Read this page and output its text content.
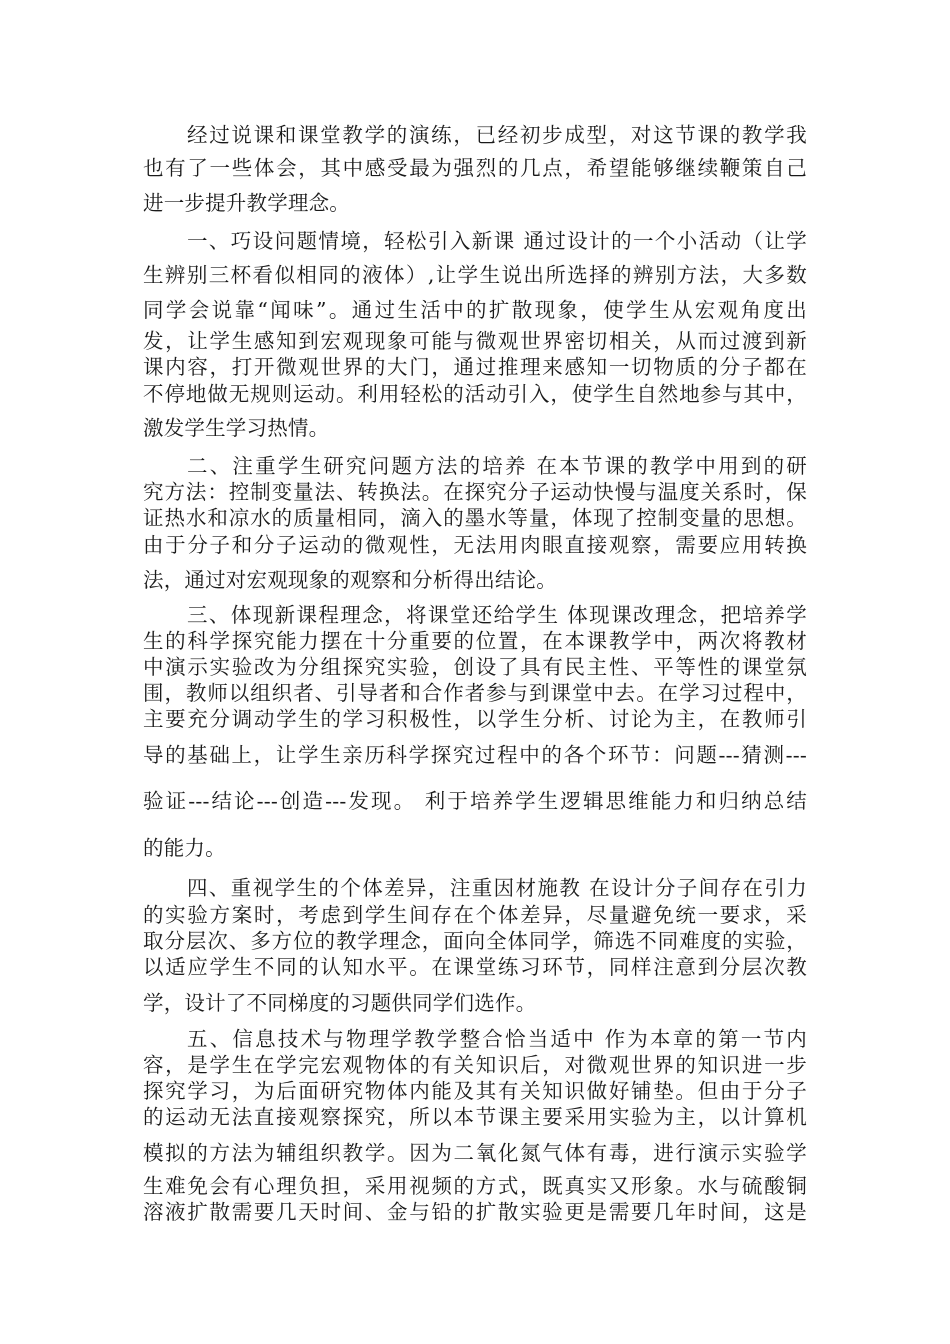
经过说课和课堂教学的演练，已经初步成型，对这节课的教学我
也有了一些体会，其中感受最为强烈的几点，希望能够继续鞭策自己
进一步提升教学理念。
一、巧设问题情境，轻松引入新课 通过设计的一个小活动（让学
生辨别三杯看似相同的液体）,让学生说出所选择的辨别方法，大多数
同学会说靠“闻味”。通过生活中的扩散现象，使学生从宏观角度出
发，让学生感知到宏观现象可能与微观世界密切相关，从而过渡到新
课内容，打开微观世界的大门，通过推理来感知一切物质的分子都在
不停地做无规则运动。利用轻松的活动引入，使学生自然地参与其中，
激发学生学习热情。
二、注重学生研究问题方法的培养 在本节课的教学中用到的研
究方法：控制变量法、转换法。在探究分子运动快慢与温度关系时，保
证热水和凉水的质量相同，滴入的墨水等量，体现了控制变量的思想。
由于分子和分子运动的微观性，无法用肉眼直接观察，需要应用转换
法，通过对宏观现象的观察和分析得出结论。
三、体现新课程理念，将课堂还给学生 体现课改理念，把培养学
生的科学探究能力摆在十分重要的位置，在本课教学中，两次将教材
中演示实验改为分组探究实验，创设了具有民主性、平等性的课堂氛
围，教师以组织者、引导者和合作者参与到课堂中去。在学习过程中，
主要充分调动学生的学习积极性，以学生分析、讨论为主，在教师引
导的基础上，让学生亲历科学探究过程中的各个环节：问题---猜测---
验证---结论---创造---发现。 利于培养学生逻辑思维能力和归纳总结
的能力。
四、重视学生的个体差异，注重因材施教 在设计分子间存在引力
的实验方案时，考虑到学生间存在个体差异，尽量避免统一要求，采
取分层次、多方位的教学理念，面向全体同学，筛选不同难度的实验，
以适应学生不同的认知水平。在课堂练习环节，同样注意到分层次教
学，设计了不同梯度的习题供同学们选作。
五、信息技术与物理学教学整合恰当适中 作为本章的第一节内
容，是学生在学完宏观物体的有关知识后，对微观世界的知识进一步
探究学习，为后面研究物体内能及其有关知识做好铺垫。但由于分子
的运动无法直接观察探究，所以本节课主要采用实验为主，以计算机
模拟的方法为辅组织教学。因为二氧化氮气体有毒，进行演示实验学
生难免会有心理负担，采用视频的方式，既真实又形象。水与硫酸铜
溶液扩散需要几天时间、金与铅的扩散实验更是需要几年时间，这是
